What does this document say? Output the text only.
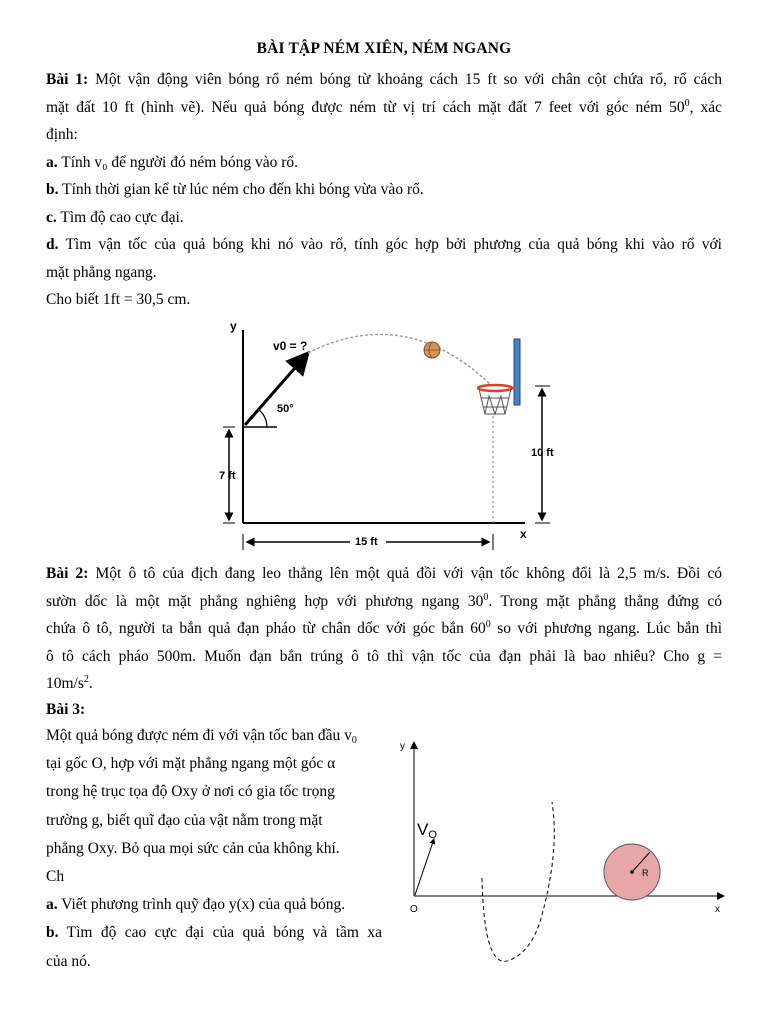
BÀI TẬP NÉM XIÊN, NÉM NGANG
Bài 1: Một vận động viên bóng rổ ném bóng từ khoảng cách 15 ft so với chân cột chứa rổ, rổ cách
mặt đất 10 ft (hình vẽ). Nếu quả bóng được ném từ vị trí cách mặt đất 7 feet với góc ném $50^0$, xác
định:
a. Tính v₀ để người đó ném bóng vào rổ.
b. Tính thời gian kể từ lúc ném cho đến khi bóng vừa vào rổ.
c. Tìm độ cao cực đại.
d. Tìm vận tốc của quả bóng khi nó vào rổ, tính góc hợp bởi phương của quả bóng khi vào rổ với
mặt phẳng ngang.
Cho biết 1ft = 30,5 cm.
y
x
v0 = ?
50°
7 ft
10 ft
15 ft
Bài 2: Một ô tô của địch đang leo thẳng lên một quả đồi với vận tốc không đổi là 2,5 m/s. Đồi có
sườn dốc là một mặt phẳng nghiêng hợp với phương ngang $30^0$. Trong mặt phẳng thẳng đứng có
chứa ô tô, người ta bắn quả đạn pháo từ chân dốc với góc bắn $60^0$ so với phương ngang. Lúc bắn thì
ô tô cách pháo 500m. Muốn đạn bắn trúng ô tô thì vận tốc của đạn phải là bao nhiêu? Cho g =
$10m/s^2$.
Bài 3:
Một quả bóng được ném đi với vận tốc ban đầu $v_0$
tại gốc O, hợp với mặt phẳng ngang một góc α
trong hệ trục tọa độ Oxy ở nơi có gia tốc trọng
trường g, biết quĩ đạo của vật nằm trong mặt
phẳng Oxy. Bỏ qua mọi sức cản của không khí.
Ch
a. Viết phương trình quỹ đạo y(x) của quả bóng.
b. Tìm độ cao cực đại của quả bóng và tầm xa
của nó.
y
x
O
VO
R
